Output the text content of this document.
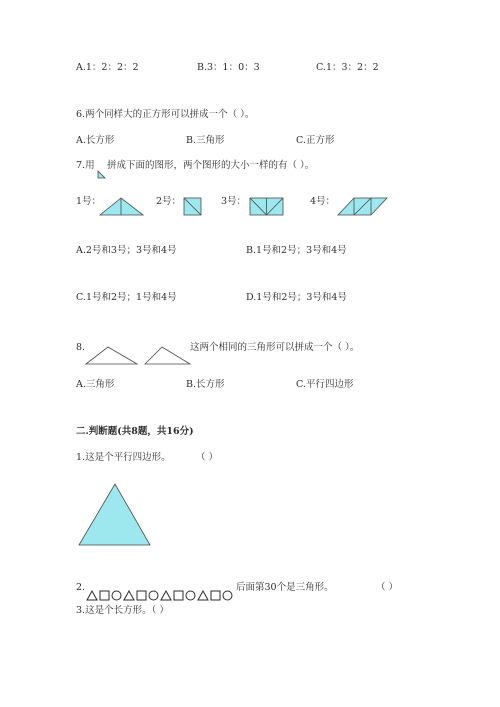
A.1：2：2：2	B.3：1：0：3	C.1：3：2：2
6.两个同样大的正方形可以拼成一个（ ）。
A.长方形	B.三角形	C.正方形
7.用 拼成下面的图形，两个图形的大小一样的有（ ）。
1号：	2号：	3号：	4号：
A.2号和3号；3号和4号	B.1号和2号；3号和4号
C.1号和2号；1号和4号	D.1号和2号；3号和4号
8.	这两个相同的三角形可以拼成一个（ ）。
A.三角形	B.长方形	C.平行四边形
二.判断题(共8题，共16分)
1.这是个平行四边形。	（ ）
2.	后面第30个是三角形。	（ ）
3.这是个长方形。（ ）
